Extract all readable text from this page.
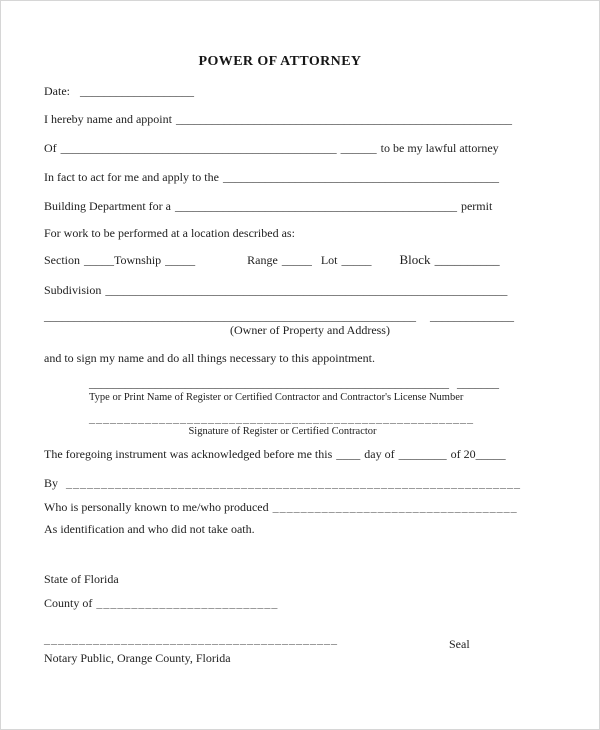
POWER OF ATTORNEY
Date: ___________________
I hereby name and appoint ________________________________________________________
Of ______________________________________________ ______ to be my lawful attorney
In fact to act for me and apply to the ______________________________________________
Building Department for a _______________________________________________ permit
For work to be performed at a location described as:
Section _____Township _____	Range _____ Lot _____ Block __________
Subdivision ___________________________________________________________________
______________________________________________________________ ______________
(Owner of Property and Address)
and to sign my name and do all things necessary to this appointment.
____________________________________________________________ _______
Type or Print Name of Register or Certified Contractor and Contractor's License Number
_______________________________________________________
Signature of Register or Certified Contractor
The foregoing instrument was acknowledged before me this ____ day of ________ of 20_____
By _________________________________________________________________
Who is personally known to me/who produced ___________________________________
As identification and who did not take oath.
State of Florida
County of __________________________
__________________________________________	Seal
Notary Public, Orange County, Florida
